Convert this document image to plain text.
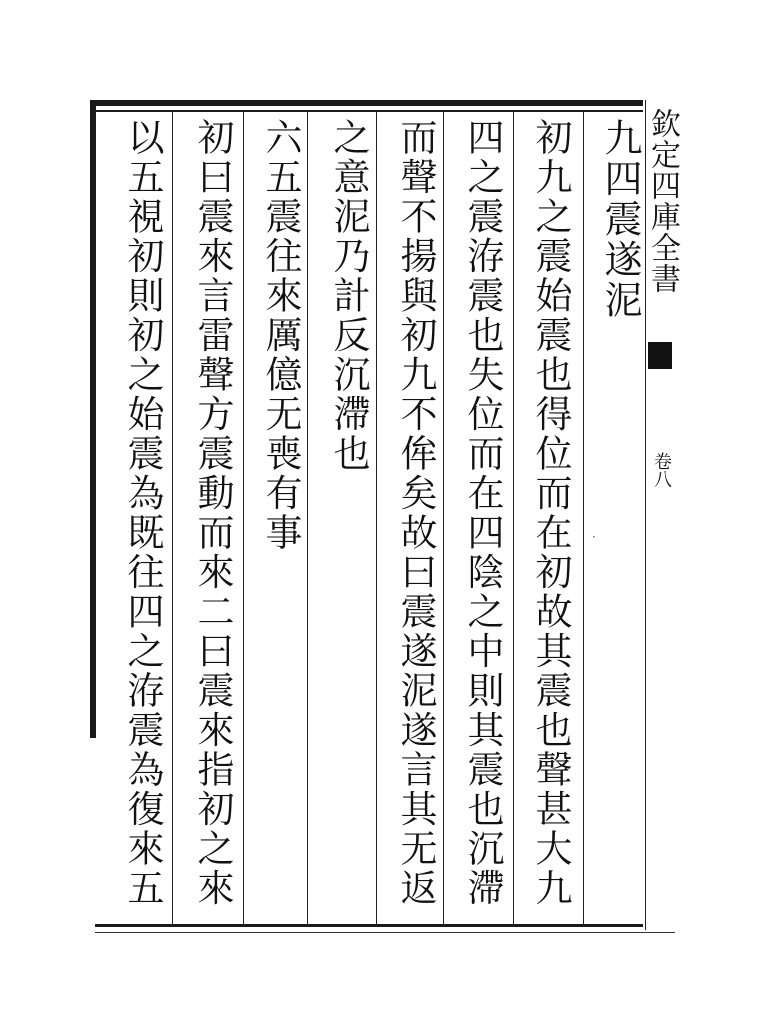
欽定四庫全書
卷八
九四震遂泥
初九之震始震也得位而在初故其震也聲甚大九
四之震洊震也失位而在四陰之中則其震也沉滯
而聲不揚與初九不侔矣故曰震遂泥遂言其无返
之意泥乃計反沉滯也
六五震往來厲億无喪有事
初曰震來言雷聲方震動而來二曰震來指初之來
以五視初則初之始震為既往四之洊震為復來五	·
